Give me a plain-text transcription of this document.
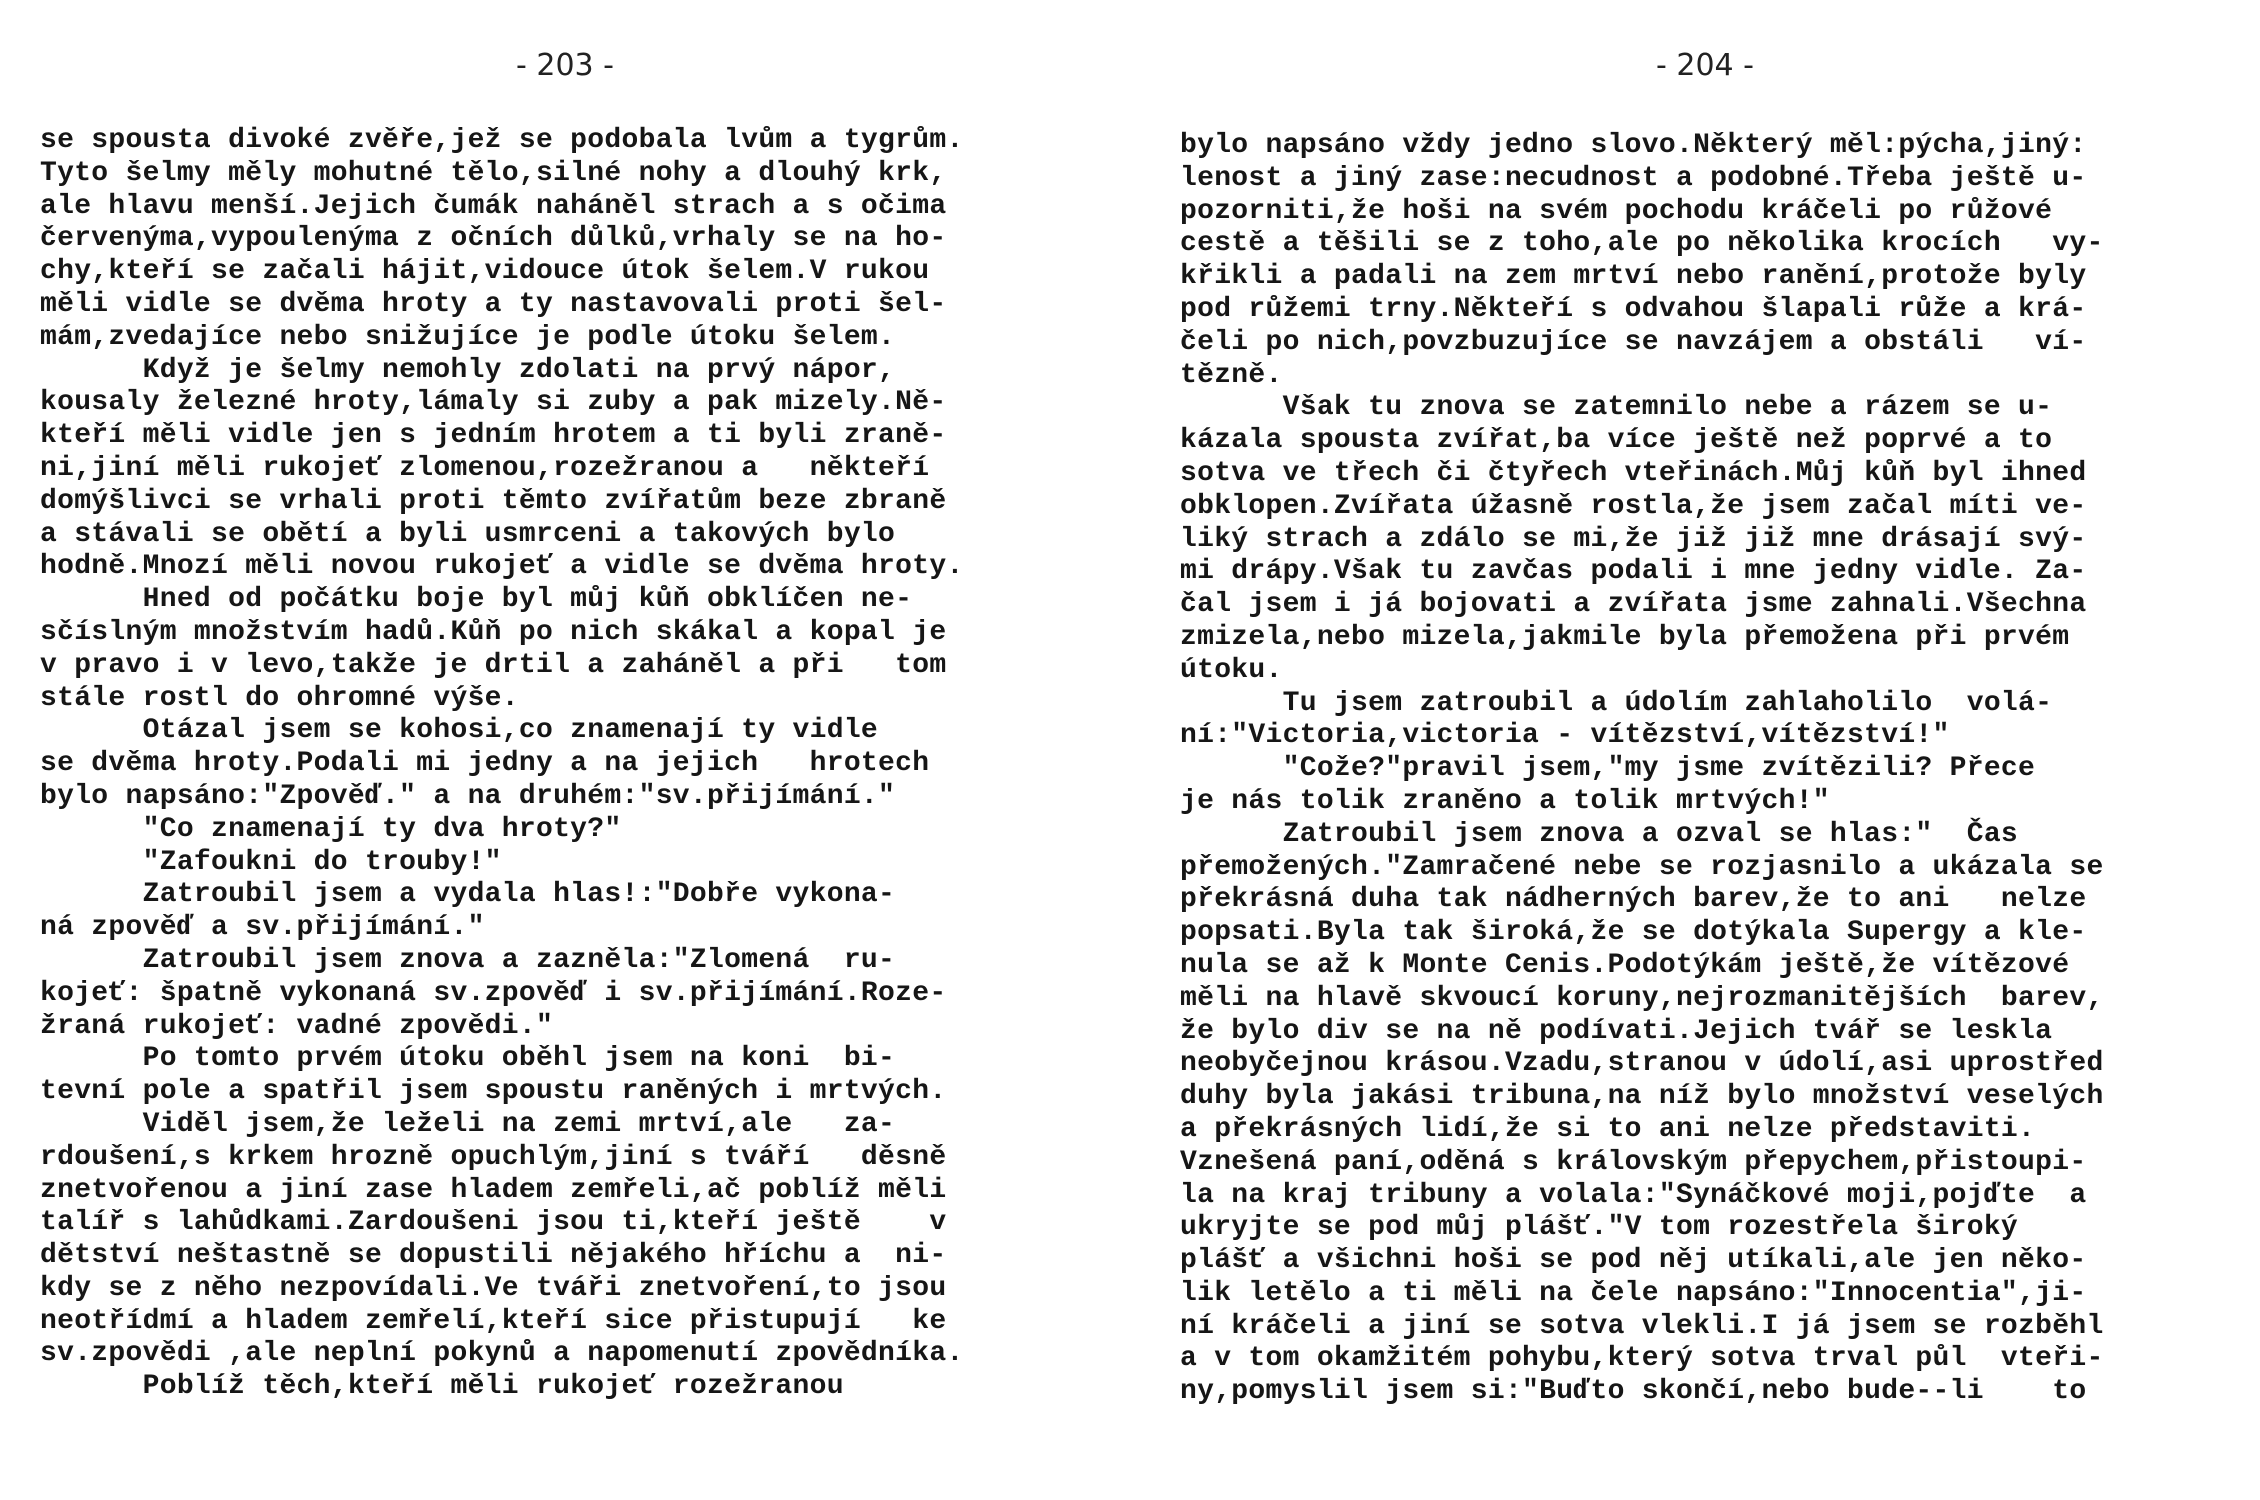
- 203 -
se spousta divoké zvěře,jež se podobala lvům a tygrům.
Tyto šelmy měly mohutné tělo,silné nohy a dlouhý krk,
ale hlavu menší.Jejich čumák naháněl strach a s očima
červenýma,vypoulenýma z očních důlků,vrhaly se na ho-
chy,kteří se začali hájit,vidouce útok šelem.V rukou
měli vidle se dvěma hroty a ty nastavovali proti šel-
mám,zvedajíce nebo snižujíce je podle útoku šelem.
Když je šelmy nemohly zdolati na prvý nápor,
kousaly železné hroty,lámaly si zuby a pak mizely.Ně-
kteří měli vidle jen s jedním hrotem a ti byli zraně-
ni,jiní měli rukojeť zlomenou,rozežranou a   někteří
domýšlivci se vrhali proti těmto zvířatům beze zbraně
a stávali se obětí a byli usmrceni a takových bylo
hodně.Mnozí měli novou rukojeť a vidle se dvěma hroty.
Hned od počátku boje byl můj kůň obklíčen ne-
sčíslným množstvím hadů.Kůň po nich skákal a kopal je
v pravo i v levo,takže je drtil a zaháněl a při   tom
stále rostl do ohromné výše.
Otázal jsem se kohosi,co znamenají ty vidle
se dvěma hroty.Podali mi jedny a na jejich   hrotech
bylo napsáno:"Zpověď." a na druhém:"sv.přijímání."
"Co znamenají ty dva hroty?"
"Zafoukni do trouby!"
Zatroubil jsem a vydala hlas!:"Dobře vykona-
ná zpověď a sv.přijímání."
Zatroubil jsem znova a zazněla:"Zlomená  ru-
kojeť: špatně vykonaná sv.zpověď i sv.přijímání.Roze-
žraná rukojeť: vadné zpovědi."
Po tomto prvém útoku oběhl jsem na koni  bi-
tevní pole a spatřil jsem spoustu raněných i mrtvých.
Viděl jsem,že leželi na zemi mrtví,ale   za-
rdoušení,s krkem hrozně opuchlým,jiní s tváří   děsně
znetvořenou a jiní zase hladem zemřeli,ač poblíž měli
talíř s lahůdkami.Zardoušeni jsou ti,kteří ještě    v
dětství neštastně se dopustili nějakého hříchu a  ni-
kdy se z něho nezpovídali.Ve tváři znetvoření,to jsou
neotřídmí a hladem zemřelí,kteří sice přistupují   ke
sv.zpovědi ,ale neplní pokynů a napomenutí zpovědníka.
Poblíž těch,kteří měli rukojeť rozežranou
- 204 -
bylo napsáno vždy jedno slovo.Některý měl:pýcha,jiný:
lenost a jiný zase:necudnost a podobné.Třeba ještě u-
pozorniti,že hoši na svém pochodu kráčeli po růžové
cestě a těšili se z toho,ale po několika krocích   vy-
křikli a padali na zem mrtví nebo ranění,protože byly
pod růžemi trny.Někteří s odvahou šlapali růže a krá-
čeli po nich,povzbuzujíce se navzájem a obstáli   ví-
tězně.
Však tu znova se zatemnilo nebe a rázem se u-
kázala spousta zvířat,ba více ještě než poprvé a to
sotva ve třech či čtyřech vteřinách.Můj kůň byl ihned
obklopen.Zvířata úžasně rostla,že jsem začal míti ve-
liký strach a zdálo se mi,že již již mne drásají svý-
mi drápy.Však tu zavčas podali i mne jedny vidle. Za-
čal jsem i já bojovati a zvířata jsme zahnali.Všechna
zmizela,nebo mizela,jakmile byla přemožena při prvém
útoku.
Tu jsem zatroubil a údolím zahlaholilo  volá-
ní:"Victoria,victoria - vítězství,vítězství!"
"Cože?"pravil jsem,"my jsme zvítězili? Přece
je nás tolik zraněno a tolik mrtvých!"
Zatroubil jsem znova a ozval se hlas:"  Čas
přemožených."Zamračené nebe se rozjasnilo a ukázala se
překrásná duha tak nádherných barev,že to ani   nelze
popsati.Byla tak široká,že se dotýkala Supergy a kle-
nula se až k Monte Cenis.Podotýkám ještě,že vítězové
měli na hlavě skvoucí koruny,nejrozmanitějších  barev,
že bylo div se na ně podívati.Jejich tvář se leskla
neobyčejnou krásou.Vzadu,stranou v údolí,asi uprostřed
duhy byla jakási tribuna,na níž bylo množství veselých
a překrásných lidí,že si to ani nelze představiti.
Vznešená paní,oděná s královským přepychem,přistoupi-
la na kraj tribuny a volala:"Synáčkové moji,pojďte  a
ukryjte se pod můj plášť."V tom rozestřela široký
plášť a všichni hoši se pod něj utíkali,ale jen něko-
lik letělo a ti měli na čele napsáno:"Innocentia",ji-
ní kráčeli a jiní se sotva vlekli.I já jsem se rozběhl
a v tom okamžitém pohybu,který sotva trval půl  vteři-
ny,pomyslil jsem si:"Buďto skončí,nebo bude--li    to
